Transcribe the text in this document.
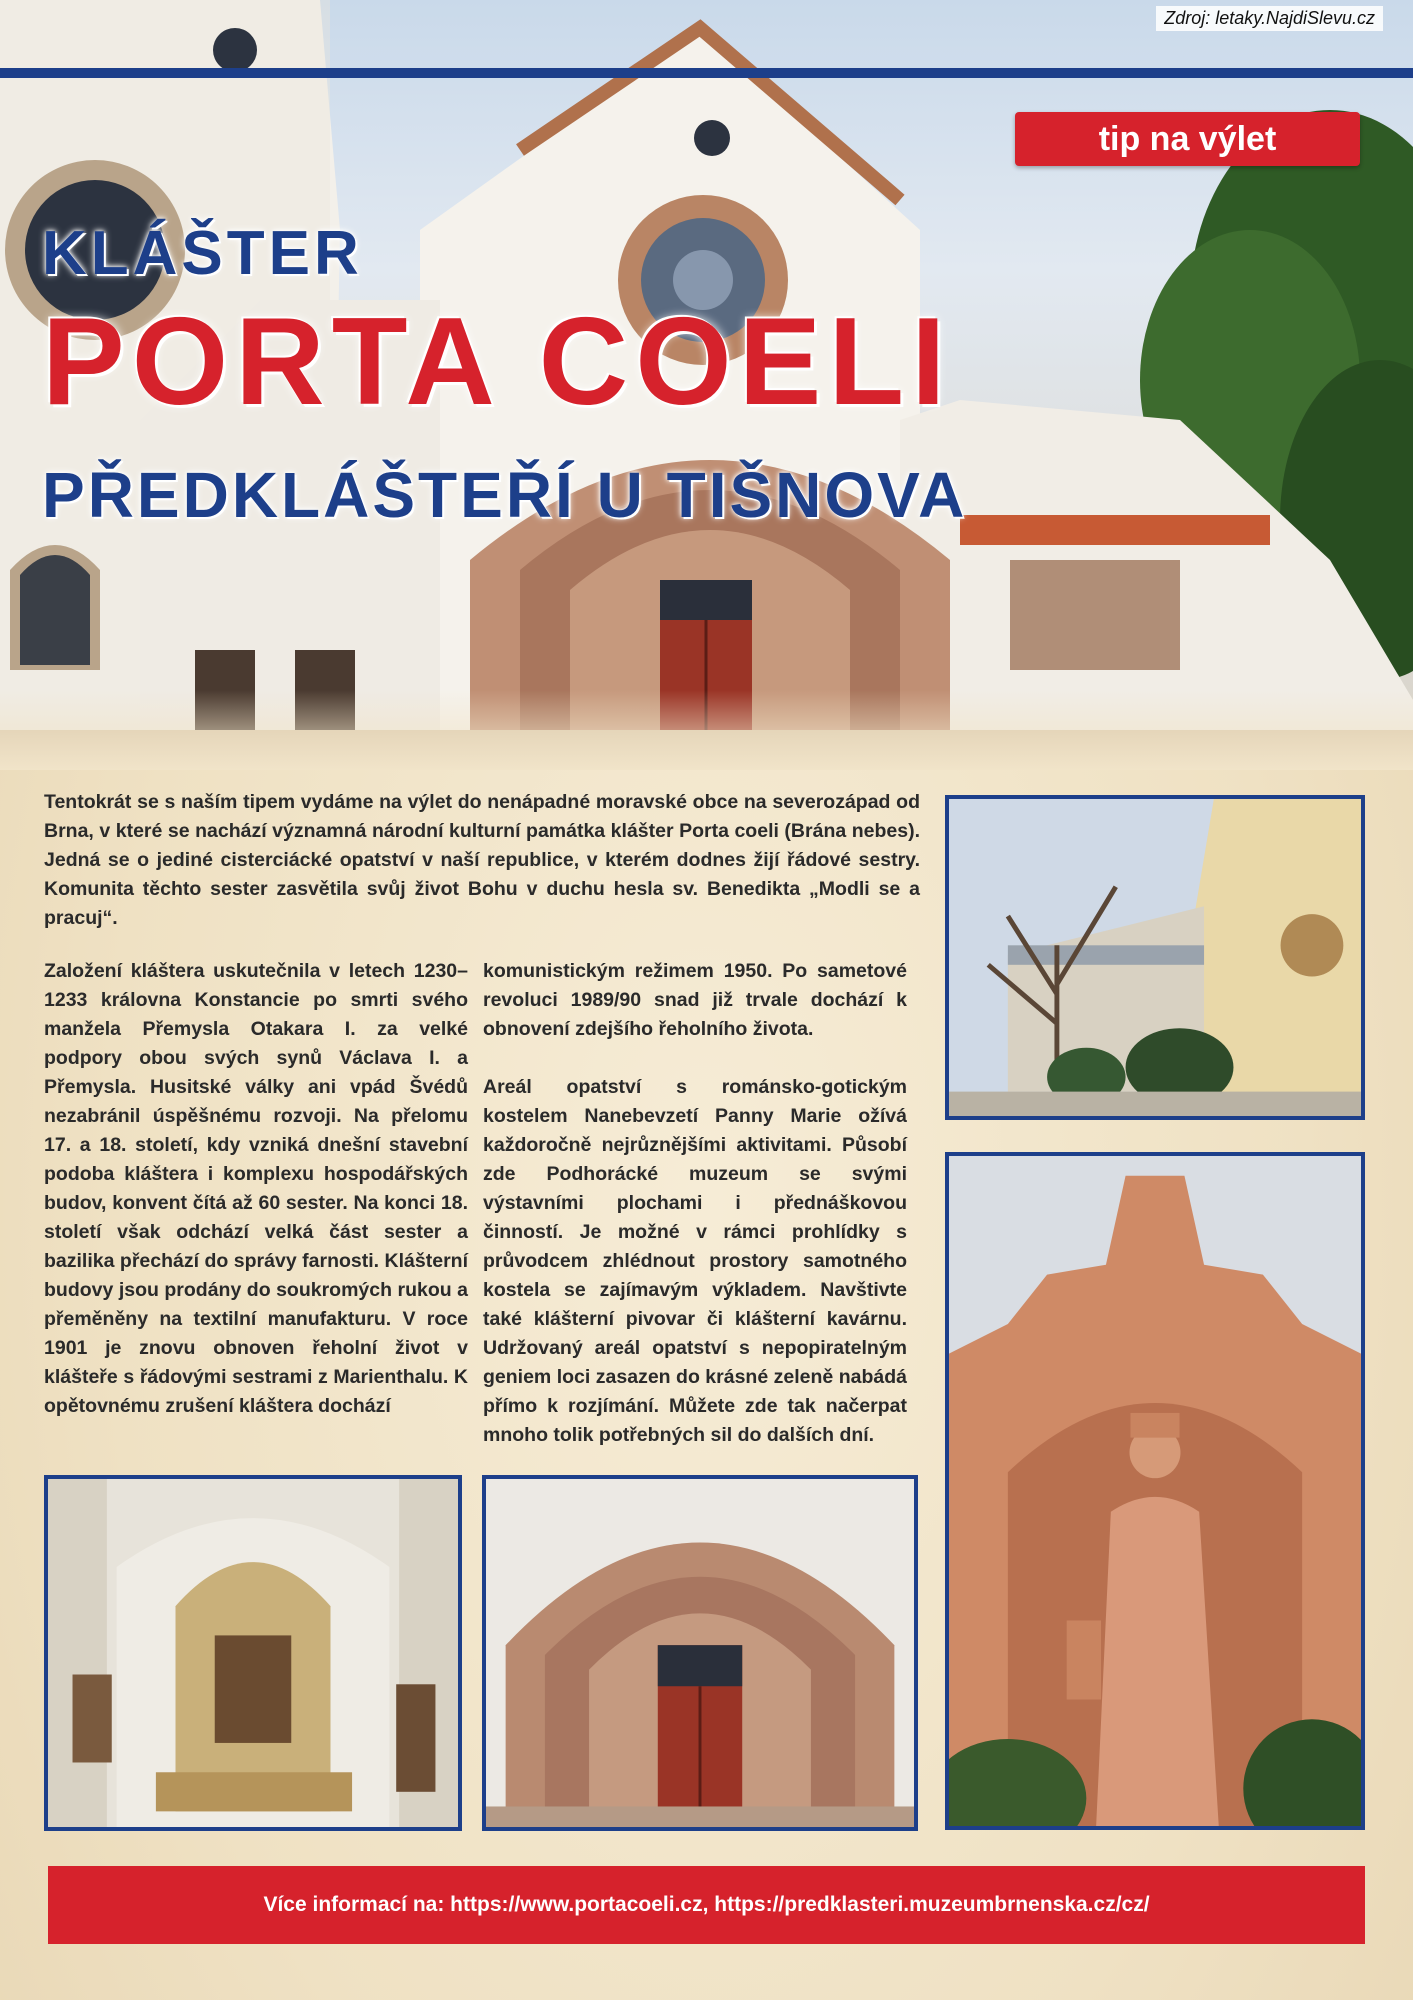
Zdroj: letaky.NajdiSlevu.cz
tip na výlet
KLÁŠTER
PORTA COELI
PŘEDKLÁŠTEŘÍ U TIŠNOVA

Tentokrát se s naším tipem vydáme na výlet do nenápadné moravské obce na severozápad od Brna, v které se nachází významná národní kulturní památka klášter Porta coeli (Brána nebes). Jedná se o jediné cisterciácké opatství v naší republice, v kterém dodnes žijí řádové sestry. Komunita těchto sester zasvětila svůj život Bohu v duchu hesla sv. Benedikta „Modli se a pracuj“.

Založení kláštera uskutečnila v letech 1230–1233 královna Konstancie po smrti svého manžela Přemysla Otakara I. za velké podpory obou svých synů Václava I. a Přemysla. Husitské války ani vpád Švédů nezabránil úspěšnému rozvoji. Na přelomu 17. a 18. století, kdy vzniká dnešní stavební podoba kláštera i komplexu hospodářských budov, konvent čítá až 60 sester. Na konci 18. století však odchází velká část sester a bazilika přechází do správy farnosti. Klášterní budovy jsou prodány do soukromých rukou a přeměněny na textilní manufakturu. V roce 1901 je znovu obnoven řeholní život v klášteře s řádovými sestrami z Marienthalu. K opětovnému zrušení kláštera dochází

komunistickým režimem 1950. Po sametové revoluci 1989/90 snad již trvale dochází k obnovení zdejšího řeholního života.

Areál opatství s románsko-gotickým kostelem Nanebevzetí Panny Marie ožívá každoročně nejrůznějšími aktivitami. Působí zde Podhorácké muzeum se svými výstavními plochami i přednáškovou činností. Je možné v rámci prohlídky s průvodcem zhlédnout prostory samotného kostela se zajímavým výkladem. Navštivte také klášterní pivovar či klášterní kavárnu. Udržovaný areál opatství s nepopiratelným geniem loci zasazen do krásné zeleně nabádá přímo k rozjímání. Můžete zde tak načerpat mnoho tolik potřebných sil do dalších dní.

Více informací na: https://www.portacoeli.cz, https://predklasteri.muzeumbrnenska.cz/cz/
